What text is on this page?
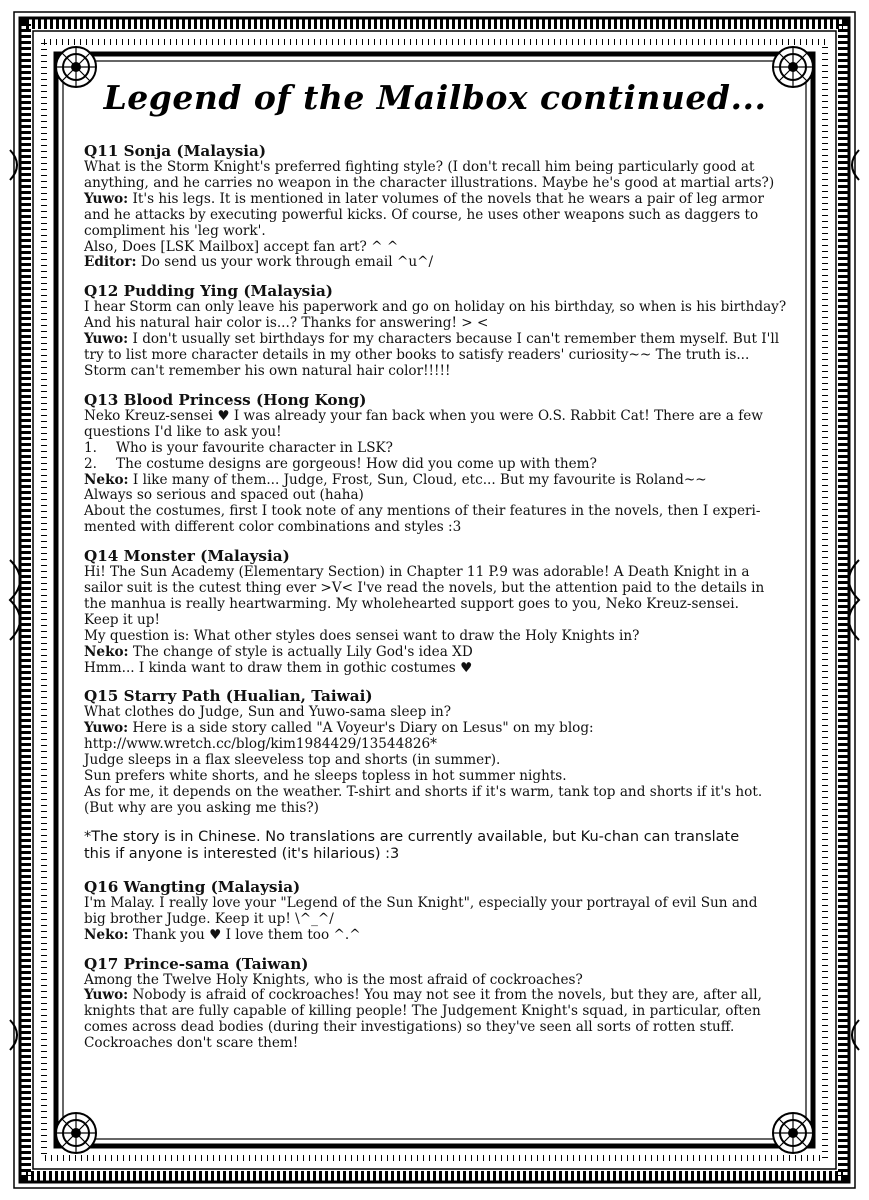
Legend of the Mailbox continued...
Q11 Sonja (Malaysia)
What is the Storm Knight's preferred fighting style? (I don't recall him being particularly good at
anything, and he carries no weapon in the character illustrations. Maybe he's good at martial arts?)
Yuwo: It's his legs. It is mentioned in later volumes of the novels that he wears a pair of leg armor
and he attacks by executing powerful kicks. Of course, he uses other weapons such as daggers to
compliment his 'leg work'.
Also, Does [LSK Mailbox] accept fan art? ^ ^
Editor: Do send us your work through email ^u^/
Q12 Pudding Ying (Malaysia)
I hear Storm can only leave his paperwork and go on holiday on his birthday, so when is his birthday?
And his natural hair color is...? Thanks for answering! > <
Yuwo: I don't usually set birthdays for my characters because I can't remember them myself. But I'll
try to list more character details in my other books to satisfy readers' curiosity~~ The truth is...
Storm can't remember his own natural hair color!!!!!
Q13 Blood Princess (Hong Kong)
Neko Kreuz-sensei ♥ I was already your fan back when you were O.S. Rabbit Cat! There are a few
questions I'd like to ask you!
1.	Who is your favourite character in LSK?
2.	The costume designs are gorgeous! How did you come up with them?
Neko: I like many of them... Judge, Frost, Sun, Cloud, etc... But my favourite is Roland~~
Always so serious and spaced out (haha)
About the costumes, first I took note of any mentions of their features in the novels, then I experi-
mented with different color combinations and styles :3
Q14 Monster (Malaysia)
Hi! The Sun Academy (Elementary Section) in Chapter 11 P.9 was adorable! A Death Knight in a
sailor suit is the cutest thing ever >V< I've read the novels, but the attention paid to the details in
the manhua is really heartwarming. My wholehearted support goes to you, Neko Kreuz-sensei.
Keep it up!
My question is: What other styles does sensei want to draw the Holy Knights in?
Neko: The change of style is actually Lily God's idea XD
Hmm... I kinda want to draw them in gothic costumes ♥
Q15 Starry Path (Hualian, Taiwai)
What clothes do Judge, Sun and Yuwo-sama sleep in?
Yuwo: Here is a side story called "A Voyeur's Diary on Lesus" on my blog:
http://www.wretch.cc/blog/kim1984429/13544826*
Judge sleeps in a flax sleeveless top and shorts (in summer).
Sun prefers white shorts, and he sleeps topless in hot summer nights.
As for me, it depends on the weather. T-shirt and shorts if it's warm, tank top and shorts if it's hot.
(But why are you asking me this?)
*The story is in Chinese. No translations are currently available, but Ku-chan can translate
this if anyone is interested (it's hilarious) :3
Q16 Wangting (Malaysia)
I'm Malay. I really love your "Legend of the Sun Knight", especially your portrayal of evil Sun and
big brother Judge. Keep it up! \^_^/
Neko: Thank you ♥ I love them too ^.^
Q17 Prince-sama (Taiwan)
Among the Twelve Holy Knights, who is the most afraid of cockroaches?
Yuwo: Nobody is afraid of cockroaches! You may not see it from the novels, but they are, after all,
knights that are fully capable of killing people! The Judgement Knight's squad, in particular, often
comes across dead bodies (during their investigations) so they've seen all sorts of rotten stuff.
Cockroaches don't scare them!
